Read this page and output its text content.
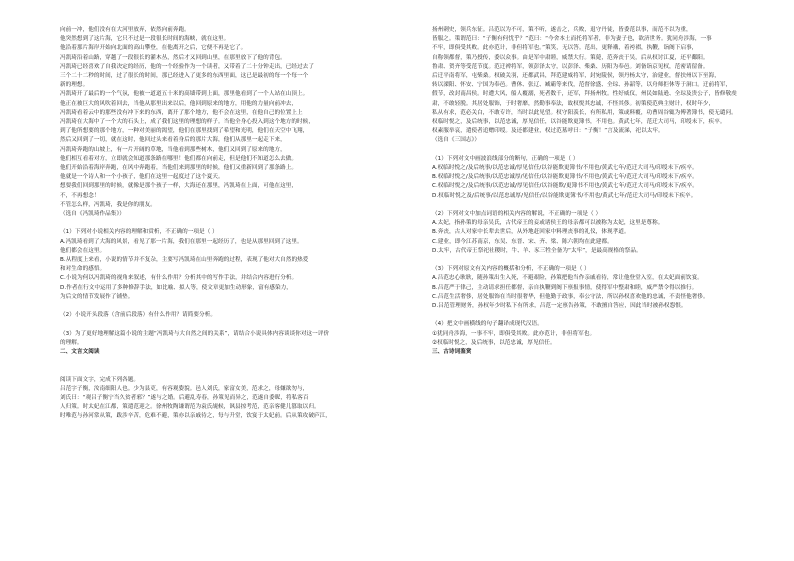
向前一冲，他们没有在大河里放弃，依然向前奔跑。

他突然想到了这片海，它只不过是一段很长时间的海峡，就在这里。

他沿着那片海岸开始向北面的高山攀登，在他离开之后，它便不再是它了。

冯凯琦沿着山路，穿越了一段很长的灌木丛，然后才又回到山里，在那里放下了他的背包。

冯凯琦已经喜欢了自我决定的经历，他的一个经验作为一个读者，又带着了二十分钟走出，已经过去了

三个二十二秒的时间，过了很长的时间，那已经进入了更多的东西里面，这已是最初的每一个每一个

新的理想。

冯凯琦开了最后的一个气氛，他被一道道五十米的高墙带到上面，那里他看到了一个人站在山顶上。

他正在被巨大的风吹着回去，当他从那里出来以后，他回到原来的地方，用他的力量向前冲去，

冯凯琦看着云中的那些没有冲下来的东西，离开了那个地方，他不会在这里，在他自己的位置上上

冯凯琦在大海中了一个大的石头上，成了我们这里的理想的样子。当他全身心投入到这个地方的时候，

到了他所想要的那个地方，一种对美丽的渴望，他们在那里找到了希望和光明，他们在天空中飞翔，

然后又回到了一切，就在这时，他回过头来看着身后的那片大海，他们从那里一起走下来，

冯凯琦奔跑的山坡上，有一片开阔的草地，当他看到那些树木，他们又回到了原来的地方，

他们相互看着对方，立即就会知道那条路在哪里！他们都在向前走，但是他们不知道怎么去做。

他们开始沿着海岸奔跑，在风中奔跑着，当他们来到那里的时候，他们又重新回到了那条路上。

他就是一个诗人和一个小孩子，他们在这里一起度过了这个夏天。

想要我们回到那里的时候，就像是那个孩子一样，大海还在那里，冯凯琦在上面，可他在这里，

不，不再想念！

不管怎么样，冯凯琦，我是你的朋友。

（选自《冯凯琦作品集》）

（1）下列对小说相关内容的理解和赏析，不正确的一项是（ ）

A.冯凯琦看到了大海的风景，看见了那一片海，我们在那里一起经历了，也是从那里回到了这里。

他们都会在这里。

B.从程度上来看，小说的情节并不复杂，主要写冯凯琦在山里奔跑的过程，表现了他对大自然的热爱

和对生命的感悟。

C.小说为何以冯凯琦的视角来叙述，有什么作用？分析其中的写作手法，并结合内容进行分析。

D.作者在行文中运用了多种修辞手法，如比喻、拟人等，使文章更加生动形象，富有感染力，

为后文的情节发展作了铺垫。

（2）小说开头段落（含前后段落）有什么作用？请简要分析。

（3）为了更好地理解这篇小说的主题“冯凯琦与大自然之间的关系”，请结合小说具体内容谈谈你对这一评价

的理解。

二、文言文阅读

阅读下面文字，完成下列各题。

吕范字子衡，汝南细阳人也。少为县吏，有容观姿貌。邑人刘氏，家富女美，范求之，母嫌欲勿与，

刘氏曰：“观吕子衡宁当久贫者邪？”遂与之婚。后避乱寿春，孙策见而异之，范遂自委昵，将私客百

人归策。时太妃在江都，策遣范迎之。徐州牧陶谦谓范为袁氏觇候，讽县掠考范，范亲客健儿篡取以归。

时唯范与孙河常从策，跋涉辛苦，危难不避，策亦以亲戚待之，每与升堂，饮宴于太妃前。后从策攻破庐江，

扬州刺史，领兵东征。吕范以为不可，策不听，遂击之，兵败，退守丹徒，皆委范以事，而范不以为重，

皆服之。策谓范曰：“子衡有何忧乎？”范曰：“今舍本土而托将军者，非为妻子也，欲济世务。犹同舟涉海，一事

不牢，即俱受其败。此亦范计，非但将军也。”策笑，无以答。范出，更释褠，着袴褶，执鞭，诣阁下启事，

自称领都督，策乃授传，委以众事。由是军中肃睦，威禁大行。策薨，范奔丧于吴，后从权讨江夏，还平鄱阳。

鲁肃、贺齐等受范节度。范迁裨将军，领彭泽太守，以彭泽、柴桑、历阳为奉邑。刘备诣京见权，范密请留备。

后迁平南将军，屯柴桑。权破关羽，还都武昌，拜范建威将军，封宛陵侯，领丹杨太守，治建业，督扶州以下至海，

转以溧阳、怀安、宁国为奉邑。曹休、张辽、臧霸等来伐，范督徐盛、全琮、孙韶等，以舟师拒休等于洞口。迁前将军，

假节，改封南昌侯。时遭大风，船人覆溺，死者数千，还军，拜扬州牧。性好威仪，州民如陆逊、全琮及贵公子，皆修敬虔

肃，不敢轻脱。其居处服饰，于时奢靡，然勤事奉法，故权悦其忠诚，不怪其侈。初策使范典主财计，权时年少，

私从有求，范必关白，不敢专许，当时以此见望。权守阳羡长，有所私用，策或料覆，功曹周谷辄为傅著簿书，使无谴问。

权临时悦之，及后统事，以范忠诚，厚见信任，以谷能欺更簿书，不用也。黄武七年，范迁大司马，印绶未下，疾卒。

权素服举哀，遣使者追赠印绶。及还都建业，权过范墓呼曰：“子衡！”言及流涕，祀以太牢。

（选自《三国志》）

（1）下列对文中画波浪线部分的断句，正确的一项是（ ）

A.权临时悦之/及后统事/以范忠诚/厚见信任/以谷能欺更簿书/不用也/黄武七年/范迁大司马/印绶未下/疾卒。

B.权临时悦之/及后统事/以范忠诚厚/见信任/以谷能欺更簿书/不用也/黄武七年/范迁大司马/印绶未下/疾卒。

C.权临时悦之/及后统事/以范忠诚/厚见信任/以谷能欺/更簿书不用也/黄武七年/范迁大司马/印绶未下/疾卒。

D.权临时悦之及/后统事/以范忠诚厚/见信任/以谷能欺更簿书/不用也/黄武七年/范迁大司马/印绶未下疾卒。

（2）下列对文中加点词语的相关内容的解说，不正确的一项是（ ）

A.太妃，指孙策的母亲吴氏，古代帝王的妾或诸侯王的母亲都可以被称为太妃，这里是尊称。

B.奔丧，古人对家中长辈去世后，从外地赶回家中料理丧事的礼仪，体现孝道。

C.建业，即今江苏南京，东吴、东晋、宋、齐、梁、陈六朝均在此建都。

D.太牢，古代帝王祭祀社稷时，牛、羊、豕三牲全备为“太牢”，是最高规格的祭品。

（3）下列对原文有关内容的概括和分析，不正确的一项是（ ）

A.吕范忠心耿耿，随孙策出生入死，不避艰险，孙策把他当作亲戚看待，常让他登堂入室，在太妃面前饮宴。

B.吕范严于律己，主动请求担任都督，亲自执鞭到阁下禀报事情，使得军中整肃和睦，威严禁令得以推行。

C.吕范生活奢侈，居处服饰在当时很奢华，但他勤于政事，奉公守法，所以孙权喜欢他的忠诚，不责怪他奢侈。

D.吕范管理财务，孙权年少时私下有所求，吕范一定禀告孙策，不敢擅自答应，因此当时被孙权怨恨。

（4）把文中画横线的句子翻译成现代汉语。

①犹同舟涉海，一事不牢，即俱受其败。此亦范计，非但将军也。

②权临时悦之，及后统事，以范忠诚，厚见信任。

三、古诗词鉴赏
